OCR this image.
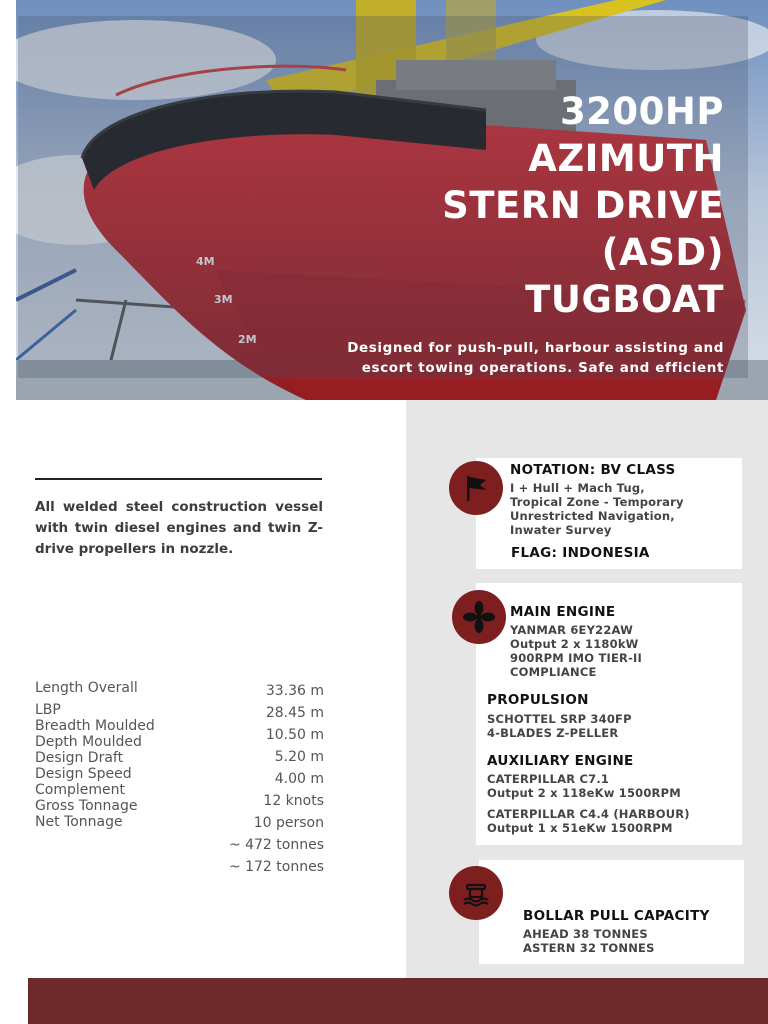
4M
3M
2M
3200HP
AZIMUTH
STERN DRIVE
(ASD)
TUGBOAT
Designed for push-pull, harbour assisting and
escort towing operations. Safe and efficient

All welded steel construction vessel with twin diesel engines and twin Z-drive propellers in nozzle.

Length Overall
LBP
Breadth Moulded
Depth Moulded
Design Draft
Design Speed
Complement
Gross Tonnage
Net Tonnage
33.36 m
28.45 m
10.50 m
5.20 m
4.00 m
12 knots
10 person
~ 472 tonnes
~ 172 tonnes
NOTATION: BV CLASS
I + Hull + Mach Tug,
Tropical Zone - Temporary
Unrestricted Navigation,
Inwater Survey
FLAG: INDONESIA
MAIN ENGINE
YANMAR 6EY22AW
Output 2 x 1180kW
900RPM IMO TIER-II
COMPLIANCE
PROPULSION
SCHOTTEL SRP 340FP
4-BLADES Z-PELLER
AUXILIARY ENGINE
CATERPILLAR C7.1
Output 2 x 118eKw 1500RPM
CATERPILLAR C4.4 (HARBOUR)
Output 1 x 51eKw 1500RPM
BOLLAR PULL CAPACITY
AHEAD 38 TONNES
ASTERN 32 TONNES
